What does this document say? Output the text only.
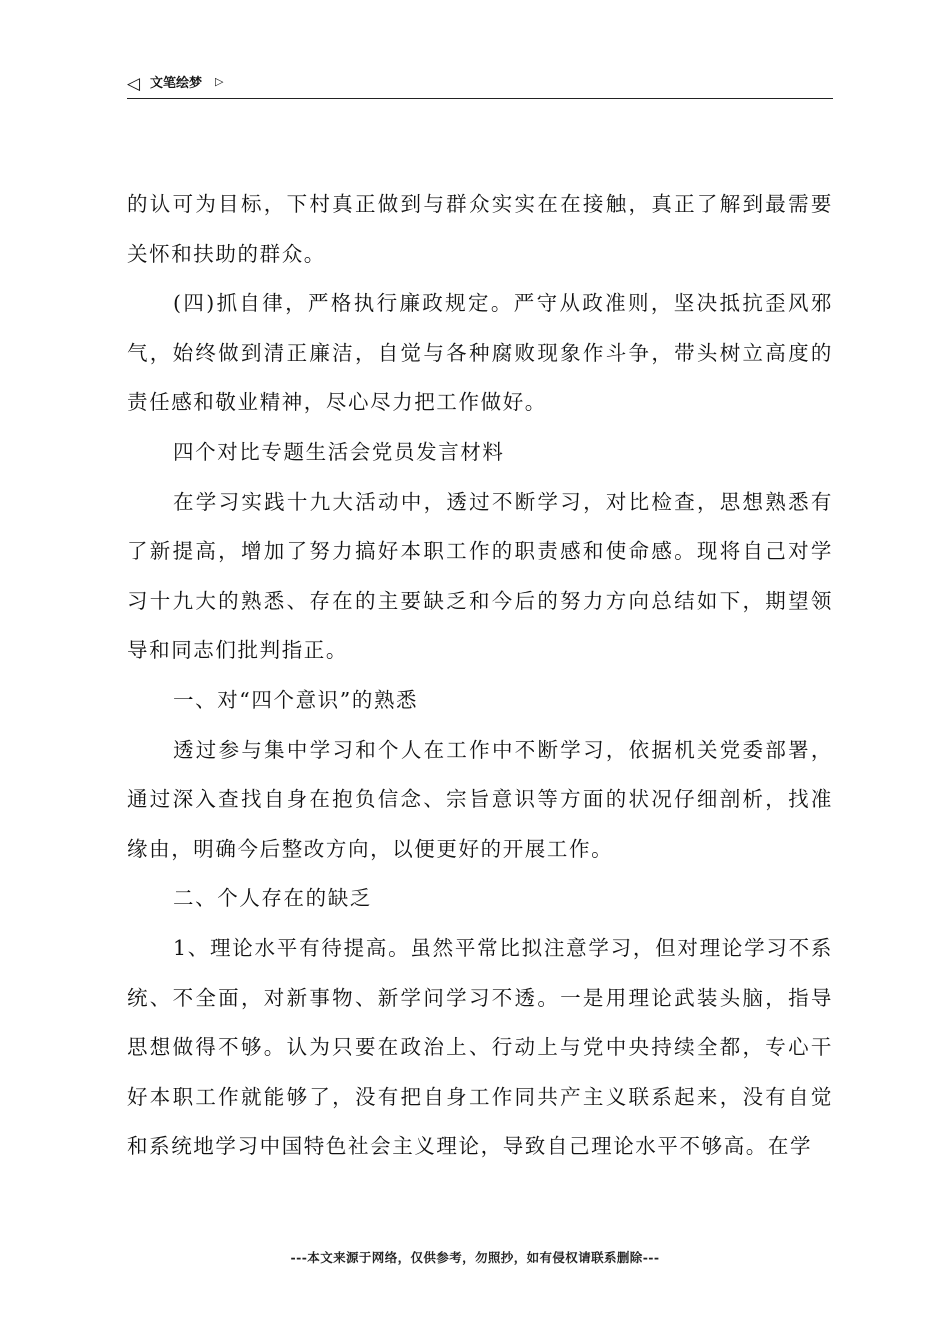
◁ 文笔绘梦 ▷

的认可为目标，下村真正做到与群众实实在在接触，真正了解到最需要关怀和扶助的群众。

(四)抓自律，严格执行廉政规定。严守从政准则，坚决抵抗歪风邪气，始终做到清正廉洁，自觉与各种腐败现象作斗争，带头树立高度的责任感和敬业精神，尽心尽力把工作做好。

四个对比专题生活会党员发言材料

在学习实践十九大活动中，透过不断学习，对比检查，思想熟悉有了新提高，增加了努力搞好本职工作的职责感和使命感。现将自己对学习十九大的熟悉、存在的主要缺乏和今后的努力方向总结如下，期望领导和同志们批判指正。

一、对“四个意识”的熟悉

透过参与集中学习和个人在工作中不断学习，依据机关党委部署，通过深入查找自身在抱负信念、宗旨意识等方面的状况仔细剖析，找准缘由，明确今后整改方向，以便更好的开展工作。

二、个人存在的缺乏

1、理论水平有待提高。虽然平常比拟注意学习，但对理论学习不系统、不全面，对新事物、新学问学习不透。一是用理论武装头脑，指导思想做得不够。认为只要在政治上、行动上与党中央持续全都，专心干好本职工作就能够了，没有把自身工作同共产主义联系起来，没有自觉和系统地学习中国特色社会主义理论，导致自己理论水平不够高。在学

---本文来源于网络，仅供参考，勿照抄，如有侵权请联系删除---
